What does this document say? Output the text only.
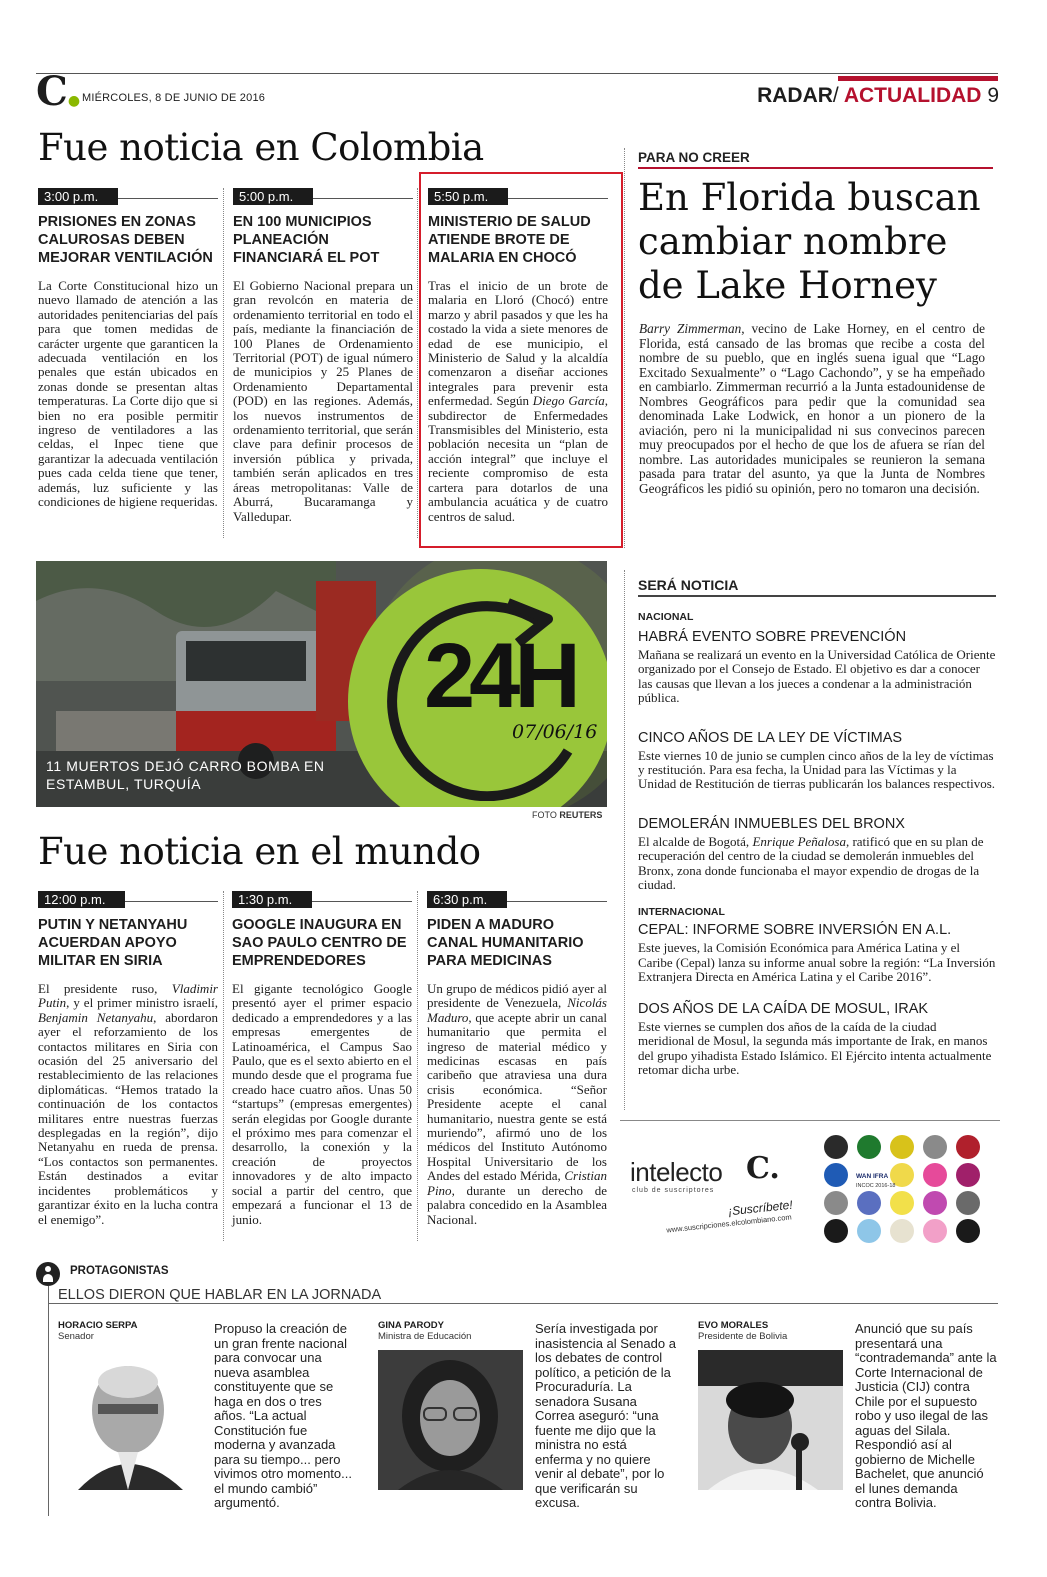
C● MIÉRCOLES, 8 DE JUNIO DE 2016	RADAR/ ACTUALIDAD 9
Fue noticia en Colombia
3:00 p.m.
PRISIONES EN ZONAS CALUROSAS DEBEN MEJORAR VENTILACIÓN

La Corte Constitucional hizo un nuevo llamado de atención a las autoridades penitenciarias del país para que tomen medidas de carácter urgente que garanticen la adecuada ventilación en los penales que están ubicados en zonas donde se presentan altas temperaturas. La Corte dijo que si bien no era posible permitir ingreso de ventiladores a las celdas, el Inpec tiene que garantizar la adecuada ventilación pues cada celda tiene que tener, además, luz suficiente y las condiciones de higiene requeridas.

5:00 p.m.
EN 100 MUNICIPIOS PLANEACIÓN FINANCIARÁ EL POT

El Gobierno Nacional prepara un gran revolcón en materia de ordenamiento territorial en todo el país, mediante la financiación de 100 Planes de Ordenamiento Territorial (POT) de igual número de municipios y 25 Planes de Ordenamiento Departamental (POD) en las regiones. Además, los nuevos instrumentos de ordenamiento territorial, que serán clave para definir procesos de inversión pública y privada, también serán aplicados en tres áreas metropolitanas: Valle de Aburrá, Bucaramanga y Valledupar.

5:50 p.m.
MINISTERIO DE SALUD ATIENDE BROTE DE MALARIA EN CHOCÓ

Tras el inicio de un brote de malaria en Lloró (Chocó) entre marzo y abril pasados y que les ha costado la vida a siete menores de edad de ese municipio, el Ministerio de Salud y la alcaldía comenzaron a diseñar acciones integrales para prevenir esta enfermedad. Según Diego García, subdirector de Enfermedades Transmisibles del Ministerio, esta población necesita un “plan de acción integral” que incluye el reciente compromiso de esta cartera para dotarlos de una ambulancia acuática y de cuatro centros de salud.

PARA NO CREER
En Florida buscan cambiar nombre de Lake Horney

Barry Zimmerman, vecino de Lake Horney, en el centro de Florida, está cansado de las bromas que recibe a costa del nombre de su pueblo, que en inglés suena igual que “Lago Excitado Sexualmente” o “Lago Cachondo”, y se ha empeñado en cambiarlo. Zimmerman recurrió a la Junta estadounidense de Nombres Geográficos para pedir que la comunidad sea denominada Lake Lodwick, en honor a un pionero de la aviación, pero ni la municipalidad ni sus convecinos parecen muy preocupados por el hecho de que los de afuera se rían del nombre. Las autoridades municipales se reunieron la semana pasada para tratar del asunto, ya que la Junta de Nombres Geográficos les pidió su opinión, pero no tomaron una decisión.

24H
07/06/16
11 MUERTOS DEJÓ CARRO BOMBA EN ESTAMBUL, TURQUÍA
FOTO REUTERS
SERÁ NOTICIA
NACIONAL
HABRÁ EVENTO SOBRE PREVENCIÓN
Mañana se realizará un evento en la Universidad Católica de Oriente organizado por el Consejo de Estado. El objetivo es dar a conocer las causas que llevan a los jueces a condenar a la administración pública.
CINCO AÑOS DE LA LEY DE VÍCTIMAS
Este viernes 10 de junio se cumplen cinco años de la ley de víctimas y restitución. Para esa fecha, la Unidad para las Víctimas y la Unidad de Restitución de tierras publicarán los balances respectivos.
DEMOLERÁN INMUEBLES DEL BRONX
El alcalde de Bogotá, Enrique Peñalosa, ratificó que en su plan de recuperación del centro de la ciudad se demolerán inmuebles del Bronx, zona donde funcionaba el mayor expendio de drogas de la ciudad.
INTERNACIONAL
CEPAL: INFORME SOBRE INVERSIÓN EN A.L.
Este jueves, la Comisión Económica para América Latina y el Caribe (Cepal) lanza su informe anual sobre la región: “La Inversión Extranjera Directa en América Latina y el Caribe 2016”.
DOS AÑOS DE LA CAÍDA DE MOSUL, IRAK
Este viernes se cumplen dos años de la caída de la ciudad meridional de Mosul, la segunda más importante de Irak, en manos del grupo yihadista Estado Islámico. El Ejército intenta actualmente retomar dicha urbe.
Fue noticia en el mundo
12:00 p.m.
PUTIN Y NETANYAHU ACUERDAN APOYO MILITAR EN SIRIA

El presidente ruso, Vladimir Putin, y el primer ministro israelí, Benjamin Netanyahu, abordaron ayer el reforzamiento de los contactos militares en Siria con ocasión del 25 aniversario del restablecimiento de las relaciones diplomáticas. “Hemos tratado la continuación de los contactos militares entre nuestras fuerzas desplegadas en la región”, dijo Netanyahu en rueda de prensa. “Los contactos son permanentes. Están destinados a evitar incidentes problemáticos y garantizar éxito en la lucha contra el enemigo”.

1:30 p.m.
GOOGLE INAUGURA EN SAO PAULO CENTRO DE EMPRENDEDORES

El gigante tecnológico Google presentó ayer el primer espacio dedicado a emprendedores y a las empresas emergentes de Latinoamérica, el Campus Sao Paulo, que es el sexto abierto en el mundo desde que el programa fue creado hace cuatro años. Unas 50 “startups” (empresas emergentes) serán elegidas por Google durante el próximo mes para comenzar el desarrollo, la conexión y la creación de proyectos innovadores y de alto impacto social a partir del centro, que empezará a funcionar el 13 de junio.

6:30 p.m.
PIDEN A MADURO CANAL HUMANITARIO PARA MEDICINAS

Un grupo de médicos pidió ayer al presidente de Venezuela, Nicolás Maduro, que acepte abrir un canal humanitario que permita el ingreso de material médico y medicinas escasas en país caribeño que atraviesa una dura crisis económica. “Señor Presidente acepte el canal humanitario, nuestra gente se está muriendo”, afirmó uno de los médicos del Instituto Autónomo Hospital Universitario de los Andes del estado Mérida, Cristian Pino, durante un derecho de palabra concedido en la Asamblea Nacional.

intelecto C.
club de suscriptores
¡Suscríbete!
www.suscripciones.elcolombiano.com
WAN IFRA
INCOC 2016-18
PROTAGONISTAS
ELLOS DIERON QUE HABLAR EN LA JORNADA
HORACIO SERPA
Senador
Propuso la creación de un gran frente nacional para convocar una nueva asamblea constituyente que se haga en dos o tres años. “La actual Constitución fue moderna y avanzada para su tiempo... pero vivimos otro momento... el mundo cambió” argumentó.
GINA PARODY
Ministra de Educación
Sería investigada por inasistencia al Senado a los debates de control político, a petición de la Procuraduría. La senadora Susana Correa aseguró: “una fuente me dijo que la ministra no está enferma y no quiere venir al debate”, por lo que verificarán su excusa.
EVO MORALES
Presidente de Bolivia
Anunció que su país presentará una “contrademanda” ante la Corte Internacional de Justicia (CIJ) contra Chile por el supuesto robo y uso ilegal de las aguas del Silala. Respondió así al gobierno de Michelle Bachelet, que anunció el lunes demanda contra Bolivia.
